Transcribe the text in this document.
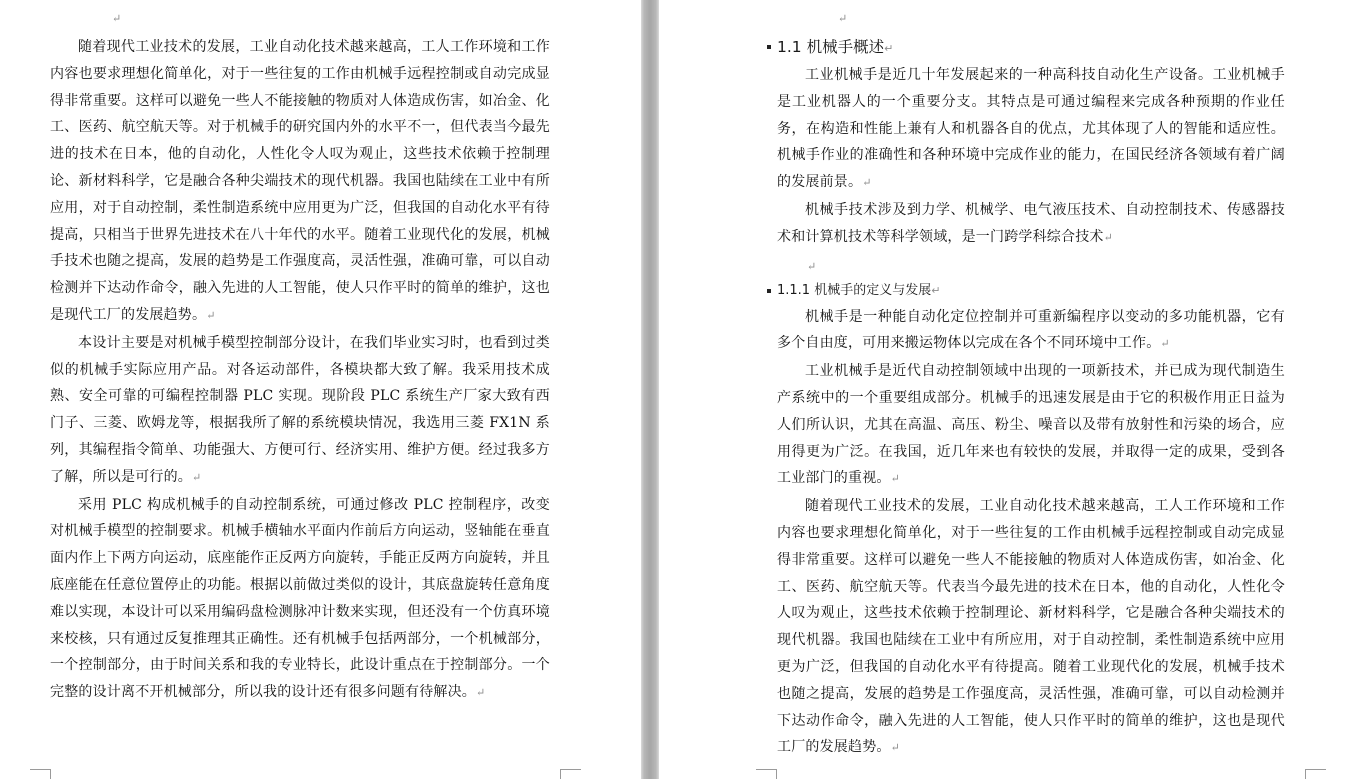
↵

随着现代工业技术的发展，工业自动化技术越来越高，工人工作环境和工作内容也要求理想化简单化，对于一些往复的工作由机械手远程控制或自动完成显得非常重要。这样可以避免一些人不能接触的物质对人体造成伤害，如冶金、化工、医药、航空航天等。对于机械手的研究国内外的水平不一，但代表当今最先进的技术在日本，他的自动化，人性化令人叹为观止，这些技术依赖于控制理论、新材料科学，它是融合各种尖端技术的现代机器。我国也陆续在工业中有所应用，对于自动控制，柔性制造系统中应用更为广泛，但我国的自动化水平有待提高，只相当于世界先进技术在八十年代的水平。随着工业现代化的发展，机械手技术也随之提高，发展的趋势是工作强度高，灵活性强，准确可靠，可以自动检测并下达动作命令，融入先进的人工智能，使人只作平时的简单的维护，这也是现代工厂的发展趋势。↵

本设计主要是对机械手模型控制部分设计，在我们毕业实习时，也看到过类似的机械手实际应用产品。对各运动部件，各模块都大致了解。我采用技术成熟、安全可靠的可编程控制器 PLC 实现。现阶段 PLC 系统生产厂家大致有西门子、三菱、欧姆龙等，根据我所了解的系统模块情况，我选用三菱 FX1N 系列，其编程指令简单、功能强大、方便可行、经济实用、维护方便。经过我多方了解，所以是可行的。↵

采用 PLC 构成机械手的自动控制系统，可通过修改 PLC 控制程序，改变对机械手模型的控制要求。机械手横轴水平面内作前后方向运动，竖轴能在垂直面内作上下两方向运动，底座能作正反两方向旋转，手能正反两方向旋转，并且底座能在任意位置停止的功能。根据以前做过类似的设计，其底盘旋转任意角度难以实现，本设计可以采用编码盘检测脉冲计数来实现，但还没有一个仿真环境来校核，只有通过反复推理其正确性。还有机械手包括两部分，一个机械部分，一个控制部分，由于时间关系和我的专业特长，此设计重点在于控制部分。一个完整的设计离不开机械部分，所以我的设计还有很多问题有待解决。↵

↵
1.1 机械手概述↵

工业机械手是近几十年发展起来的一种高科技自动化生产设备。工业机械手是工业机器人的一个重要分支。其特点是可通过编程来完成各种预期的作业任务，在构造和性能上兼有人和机器各自的优点，尤其体现了人的智能和适应性。机械手作业的准确性和各种环境中完成作业的能力，在国民经济各领域有着广阔的发展前景。↵

机械手技术涉及到力学、机械学、电气液压技术、自动控制技术、传感器技术和计算机技术等科学领域，是一门跨学科综合技术↵

↵
1.1.1 机械手的定义与发展↵

机械手是一种能自动化定位控制并可重新编程序以变动的多功能机器，它有多个自由度，可用来搬运物体以完成在各个不同环境中工作。↵

工业机械手是近代自动控制领域中出现的一项新技术，并已成为现代制造生产系统中的一个重要组成部分。机械手的迅速发展是由于它的积极作用正日益为人们所认识，尤其在高温、高压、粉尘、噪音以及带有放射性和污染的场合，应用得更为广泛。在我国，近几年来也有较快的发展，并取得一定的成果，受到各工业部门的重视。↵

随着现代工业技术的发展，工业自动化技术越来越高，工人工作环境和工作内容也要求理想化简单化，对于一些往复的工作由机械手远程控制或自动完成显得非常重要。这样可以避免一些人不能接触的物质对人体造成伤害，如冶金、化工、医药、航空航天等。代表当今最先进的技术在日本，他的自动化，人性化令人叹为观止，这些技术依赖于控制理论、新材料科学，它是融合各种尖端技术的现代机器。我国也陆续在工业中有所应用，对于自动控制，柔性制造系统中应用更为广泛，但我国的自动化水平有待提高。随着工业现代化的发展，机械手技术也随之提高，发展的趋势是工作强度高，灵活性强，准确可靠，可以自动检测并下达动作命令，融入先进的人工智能，使人只作平时的简单的维护，这也是现代工厂的发展趋势。↵
